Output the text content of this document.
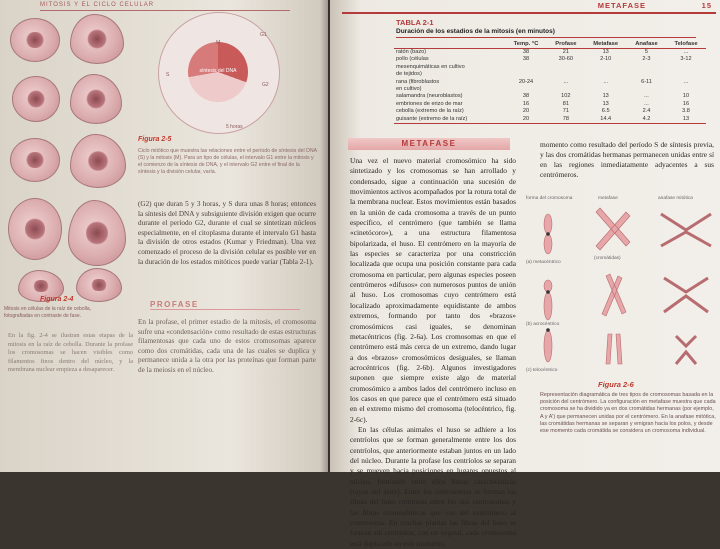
MITOSIS Y EL CICLO CELULAR
Figura 2-4
Mitosis en células de la raíz de cebolla, fotografiadas en contraste de fase.
G1
G2
síntesis del DNA
S
5 horas
M
Figura 2-5
Ciclo mitótico que muestra las relaciones entre el período de síntesis del DNA (S) y la mitosis (M). Para un tipo de células, el intervalo G1 entre la mitosis y el comienzo de la síntesis de DNA, y el intervalo G2 entre el final de la síntesis y la división celular, varía.
(G2) que duran 5 y 3 horas, y S dura unas 8 horas; entonces la síntesis del DNA y subsiguiente división exigen que ocurre durante el período G2, durante el cual se sintetizan núcleos especialmente, en el citoplasma durante el intervalo G1 hasta la división de otros estados (Kumar y Friedman). Una vez comenzado el proceso de la división celular es posible ver en la duración de los estados mitóticos puede variar (Tabla 2-1).
PROFASE
En la profase, el primer estadio de la mitosis, el cromosoma sufre una «condensación» como resultado de estas estructuras filamentosas que cada uno de estos cromosomas aparece como dos cromátidas, cada una de las cuales se duplica y permanece unida a la otra por las proteínas que forman parte de la meiosis en el núcleo.
En la fig. 2-4 se ilustran estas etapas de la mitosis en la raíz de cebolla. Durante la profase los cromosomas se hacen visibles como filamentos finos dentro del núcleo, y la membrana nuclear empieza a desaparecer.
METAFASE	15
TABLA 2-1
Duración de los estadios de la mitosis (en minutos)
	Temp. °C	Profase	Metafase	Anafase	Telofase
ratón (bazo)	38	21	13	5	...
pollo (células	38	30-60	2-10	2-3	3-12
mesenquimáticas en cultivo					
de tejidos)					
rana (fibroblastos	20-24	...	...	6-11	...
en cultivo)					
salamandra (neuroblastos)	38	102	13	...	10
embriones de erizo de mar	16	81	13	...	16
cebolla (extremo de la raíz)	20	71	6.5	2.4	3.8
guisante (extremo de la raíz)	20	78	14.4	4.2	13
METAFASE
Una vez el nuevo material cromosómico ha sido sintetizado y los cromosomas se han arrollado y condensado, sigue a continuación una sucesión de movimientos activos acompañados por la rotura total de la membrana nuclear. Estos movimientos están basados en la unión de cada cromosoma a través de un punto específico, el centrómero (que también se llama «cinetócoro»), a una estructura filamentosa bipolarizada, el huso. El centrómero en la mayoría de las especies se caracteriza por una constricción localizada que ocupa una posición constante para cada cromosoma en particular, pero algunas especies poseen centrómeros «difusos» con numerosos puntos de unión al huso. Los cromosomas cuyo centrómero está localizado aproximadamente equidistante de ambos extremos, formando por tanto dos «brazos» cromosómicos casi iguales, se denominan metacéntricos (fig. 2-6a). Los cromosomas en que el centrómero está más cerca de un extremo, dando lugar a dos «brazos» cromosómicos desiguales, se llaman acrocéntricos (fig. 2-6b). Algunos investigadores suponen que siempre existe algo de material cromosómico a ambos lados del centrómero incluso en los casos en que parece que el centrómero está situado en el extremo mismo del cromosoma (telocéntrico, fig. 2-6c).
En las células animales el huso se adhiere a los centríolos que se forman generalmente entre los dos centríolos, que anteriormente estaban juntos en un lado del núcleo. Durante la profase los centríolos se separan y se mueven hacia posiciones en lugares opuestos al núcleo, formando entre ellos líneas características (rayos del áster). Entre los centrosomas se forman las fibras del huso continuas entre los dos centrosomas y las fibras cromosómicas que van del centrómero al centrosoma. En muchas plantas las fibras del huso se forman sin centríolos; con un vegetal, cada cromosoma está duplicado en este momento.
momento como resultado del período S de síntesis previa, y las dos cromátidas hermanas permanecen unidas entre sí en las regiones inmediatamente adyacentes a sus centrómeros.
forma del cromosoma	metafase	anafase mitótica
(a) metacéntrico
(cromátidas)
(b) acrocéntrico
(c) telocéntrico
Figura 2-6
Representación diagramática de tres tipos de cromosomas basada en la posición del centrómero. La configuración en metafase muestra que cada cromosoma se ha dividido ya en dos cromátidas hermanas (por ejemplo, A y A') que permanecen unidas por el centrómero. En la anafase mitótica, las cromátidas hermanas se separan y emigran hacia los polos, y desde ese momento cada cromátida se considera un cromosoma individual.
